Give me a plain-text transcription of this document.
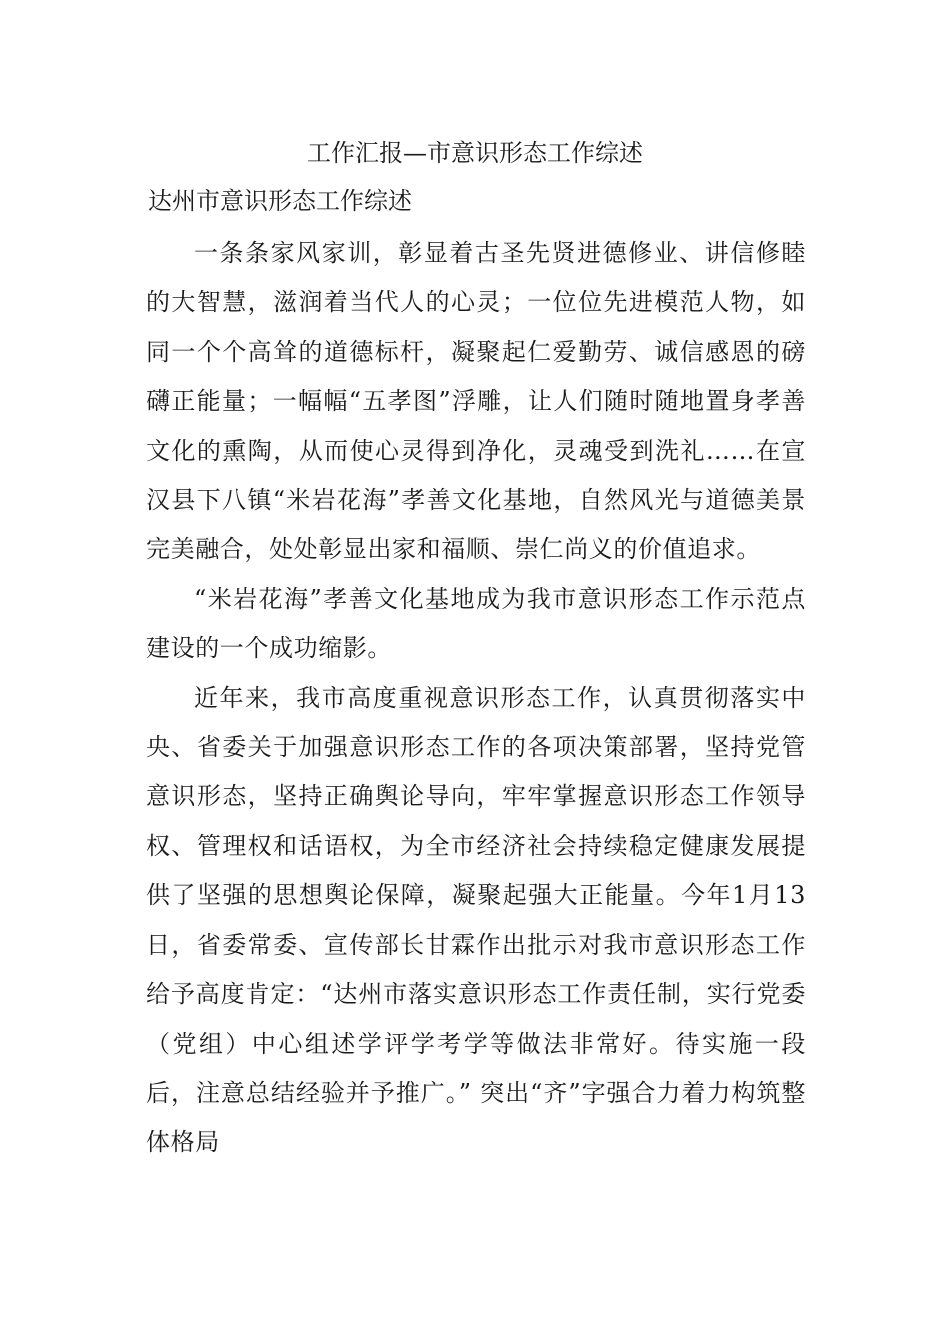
工作汇报—市意识形态工作综述

达州市意识形态工作综述

一条条家风家训，彰显着古圣先贤进德修业、讲信修睦的大智慧，滋润着当代人的心灵；一位位先进模范人物，如同一个个高耸的道德标杆，凝聚起仁爱勤劳、诚信感恩的磅礴正能量；一幅幅“五孝图”浮雕，让人们随时随地置身孝善文化的熏陶，从而使心灵得到净化，灵魂受到洗礼……在宣汉县下八镇“米岩花海”孝善文化基地，自然风光与道德美景完美融合，处处彰显出家和福顺、崇仁尚义的价值追求。

“米岩花海”孝善文化基地成为我市意识形态工作示范点建设的一个成功缩影。

近年来，我市高度重视意识形态工作，认真贯彻落实中央、省委关于加强意识形态工作的各项决策部署，坚持党管意识形态，坚持正确舆论导向，牢牢掌握意识形态工作领导权、管理权和话语权，为全市经济社会持续稳定健康发展提供了坚强的思想舆论保障，凝聚起强大正能量。今年1月13日，省委常委、宣传部长甘霖作出批示对我市意识形态工作给予高度肯定：“达州市落实意识形态工作责任制，实行党委（党组）中心组述学评学考学等做法非常好。待实施一段后，注意总结经验并予推广。” 突出“齐”字强合力着力构筑整体格局
